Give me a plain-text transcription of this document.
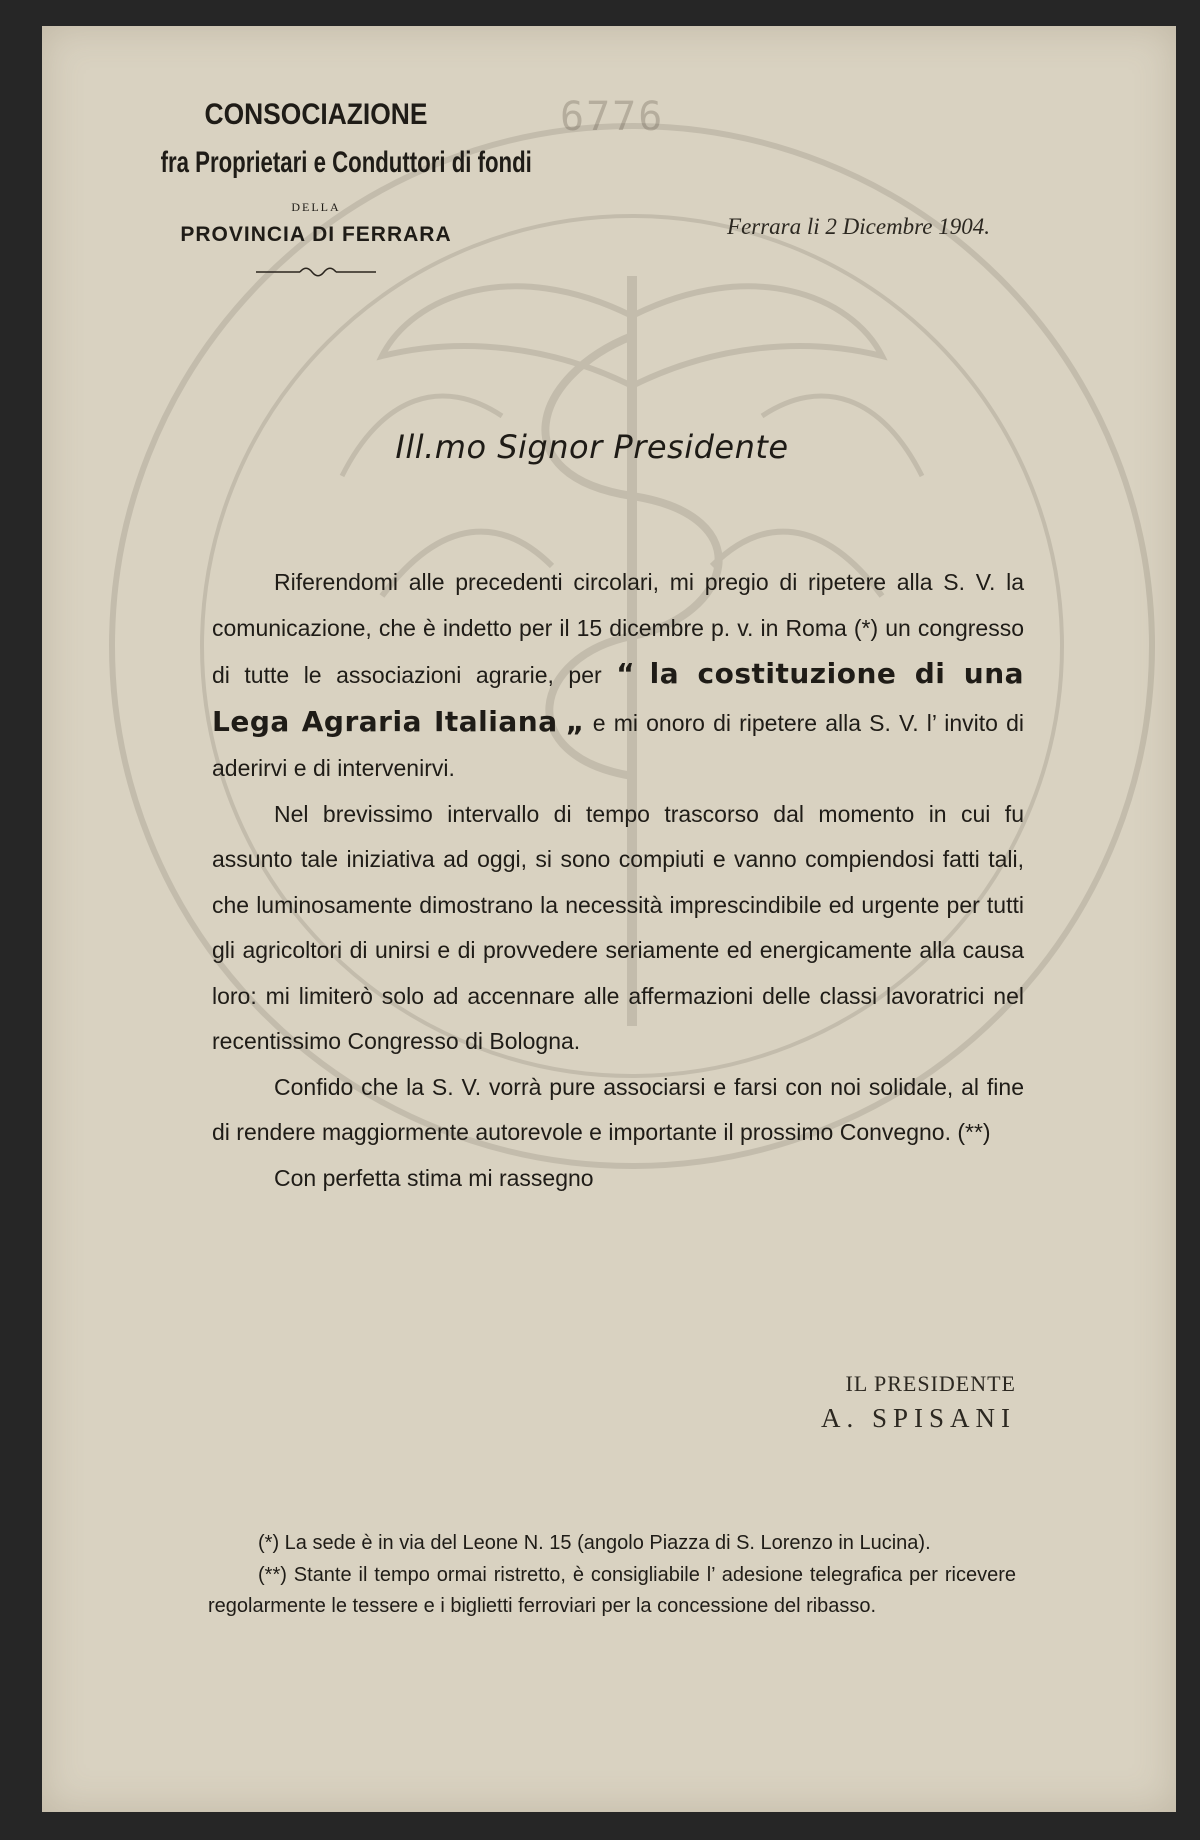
6776
CONSOCIAZIONE
fra Proprietari e Conduttori di fondi
DELLA
PROVINCIA DI FERRARA	Ferrara li 2 Dicembre 1904.
Ill.mo Signor Presidente

Riferendomi alle precedenti circolari, mi pregio di ripetere alla S. V. la comunicazione, che è indetto per il 15 dicembre p. v. in Roma (*) un congresso di tutte le associazioni agrarie, per “ la costituzione di una Lega Agraria Italiana „ e mi onoro di ripetere alla S. V. l’ invito di aderirvi e di intervenirvi.

Nel brevissimo intervallo di tempo trascorso dal momento in cui fu assunto tale iniziativa ad oggi, si sono compiuti e vanno compiendosi fatti tali, che luminosamente dimostrano la necessità imprescindibile ed urgente per tutti gli agricoltori di unirsi e di provvedere seriamente ed energicamente alla causa loro: mi limiterò solo ad accennare alle affermazioni delle classi lavoratrici nel recentissimo Congresso di Bologna.

Confido che la S. V. vorrà pure associarsi e farsi con noi solidale, al fine di rendere maggiormente autorevole e importante il prossimo Convegno. (**)

Con perfetta stima mi rassegno

IL PRESIDENTE
A. SPISANI

(*) La sede è in via del Leone N. 15 (angolo Piazza di S. Lorenzo in Lucina).

(**) Stante il tempo ormai ristretto, è consigliabile l’ adesione telegrafica per ricevere regolarmente le tessere e i biglietti ferroviari per la concessione del ribasso.
